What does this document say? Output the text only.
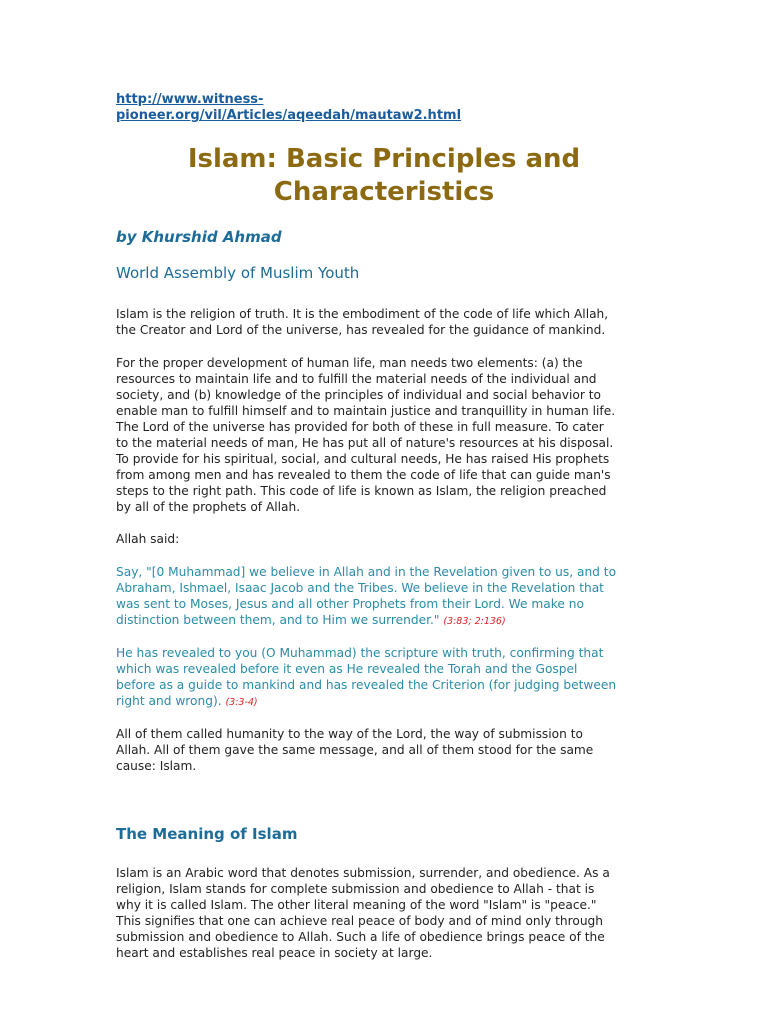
http://www.witness-
pioneer.org/vil/Articles/aqeedah/mautaw2.html
Islam: Basic Principles and
Characteristics
by Khurshid Ahmad
World Assembly of Muslim Youth

Islam is the religion of truth. It is the embodiment of the code of life which Allah,
the Creator and Lord of the universe, has revealed for the guidance of mankind.

For the proper development of human life, man needs two elements: (a) the
resources to maintain life and to fulfill the material needs of the individual and
society, and (b) knowledge of the principles of individual and social behavior to
enable man to fulfill himself and to maintain justice and tranquillity in human life.
The Lord of the universe has provided for both of these in full measure. To cater
to the material needs of man, He has put all of nature's resources at his disposal.
To provide for his spiritual, social, and cultural needs, He has raised His prophets
from among men and has revealed to them the code of life that can guide man's
steps to the right path. This code of life is known as Islam, the religion preached
by all of the prophets of Allah.

Allah said:

Say, "[0 Muhammad] we believe in Allah and in the Revelation given to us, and to
Abraham, Ishmael, Isaac Jacob and the Tribes. We believe in the Revelation that
was sent to Moses, Jesus and all other Prophets from their Lord. We make no
distinction between them, and to Him we surrender." (3:83; 2:136)

He has revealed to you (O Muhammad) the scripture with truth, confirming that
which was revealed before it even as He revealed the Torah and the Gospel
before as a guide to mankind and has revealed the Criterion (for judging between
right and wrong). (3:3-4)

All of them called humanity to the way of the Lord, the way of submission to
Allah. All of them gave the same message, and all of them stood for the same
cause: Islam.

The Meaning of Islam

Islam is an Arabic word that denotes submission, surrender, and obedience. As a
religion, Islam stands for complete submission and obedience to Allah - that is
why it is called Islam. The other literal meaning of the word "Islam" is "peace."
This signifies that one can achieve real peace of body and of mind only through
submission and obedience to Allah. Such a life of obedience brings peace of the
heart and establishes real peace in society at large.
